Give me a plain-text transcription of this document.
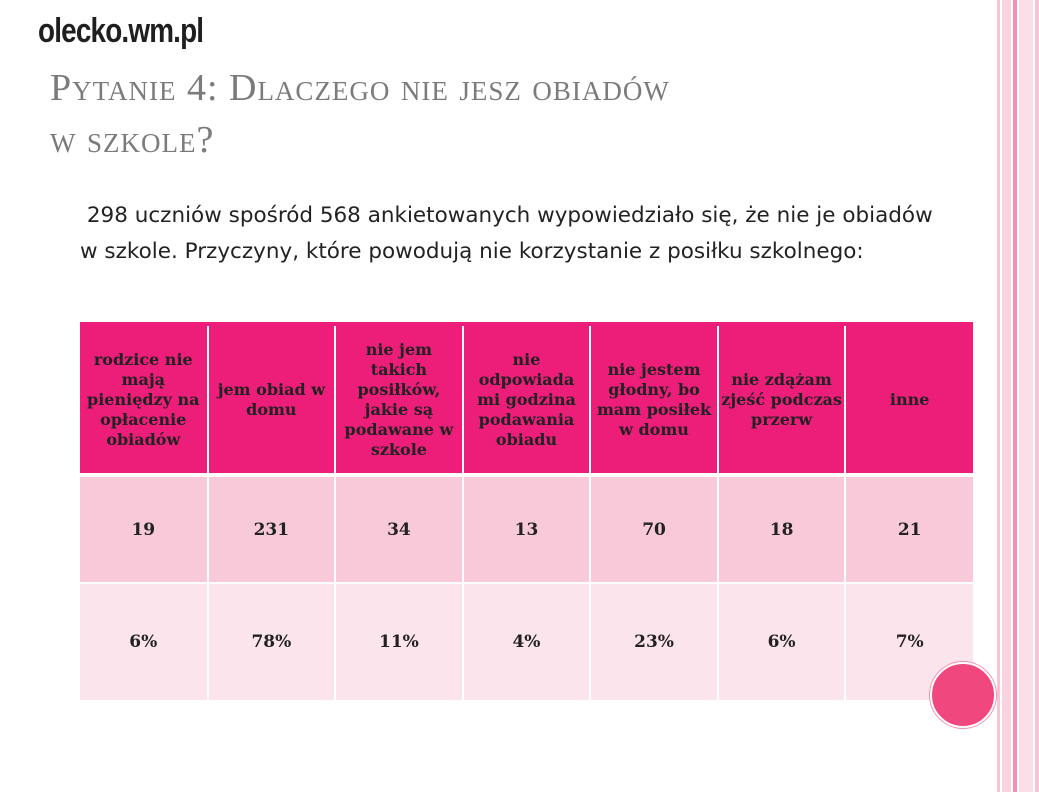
olecko.wm.pl
Pytanie 4: Dlaczego nie jesz obiadów
w szkole?
298 uczniów spośród 568 ankietowanych wypowiedziało się, że nie je obiadów w szkole. Przyczyny, które powodują nie korzystanie z posiłku szkolnego:
rodzice nie mają pieniędzy na opłacenie obiadów	jem obiad w domu	nie jem takich posiłków, jakie są podawane w szkole	nie odpowiada mi godzina podawania obiadu	nie jestem głodny, bo mam posiłek w domu	nie zdążam zjeść podczas przerw	inne
19	231	34	13	70	18	21
6%	78%	11%	4%	23%	6%	7%
